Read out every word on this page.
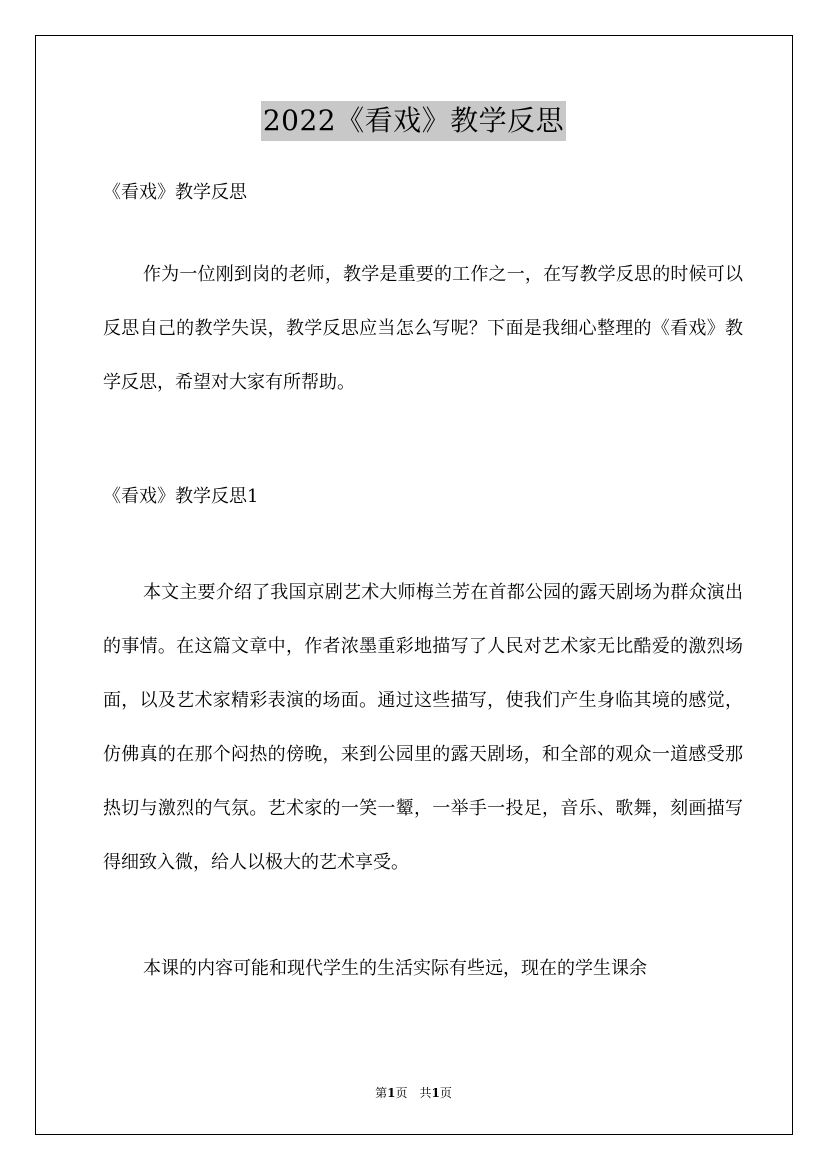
2022《看戏》教学反思

《看戏》教学反思

作为一位刚到岗的老师，教学是重要的工作之一，在写教学反思的时候可以反思自己的教学失误，教学反思应当怎么写呢？下面是我细心整理的《看戏》教学反思，希望对大家有所帮助。

《看戏》教学反思1

本文主要介绍了我国京剧艺术大师梅兰芳在首都公园的露天剧场为群众演出的事情。在这篇文章中，作者浓墨重彩地描写了人民对艺术家无比酷爱的激烈场面，以及艺术家精彩表演的场面。通过这些描写，使我们产生身临其境的感觉，仿佛真的在那个闷热的傍晚，来到公园里的露天剧场，和全部的观众一道感受那热切与激烈的气氛。艺术家的一笑一颦，一举手一投足，音乐、歌舞，刻画描写得细致入微，给人以极大的艺术享受。

本课的内容可能和现代学生的生活实际有些远，现在的学生课余

第1页 共1页
